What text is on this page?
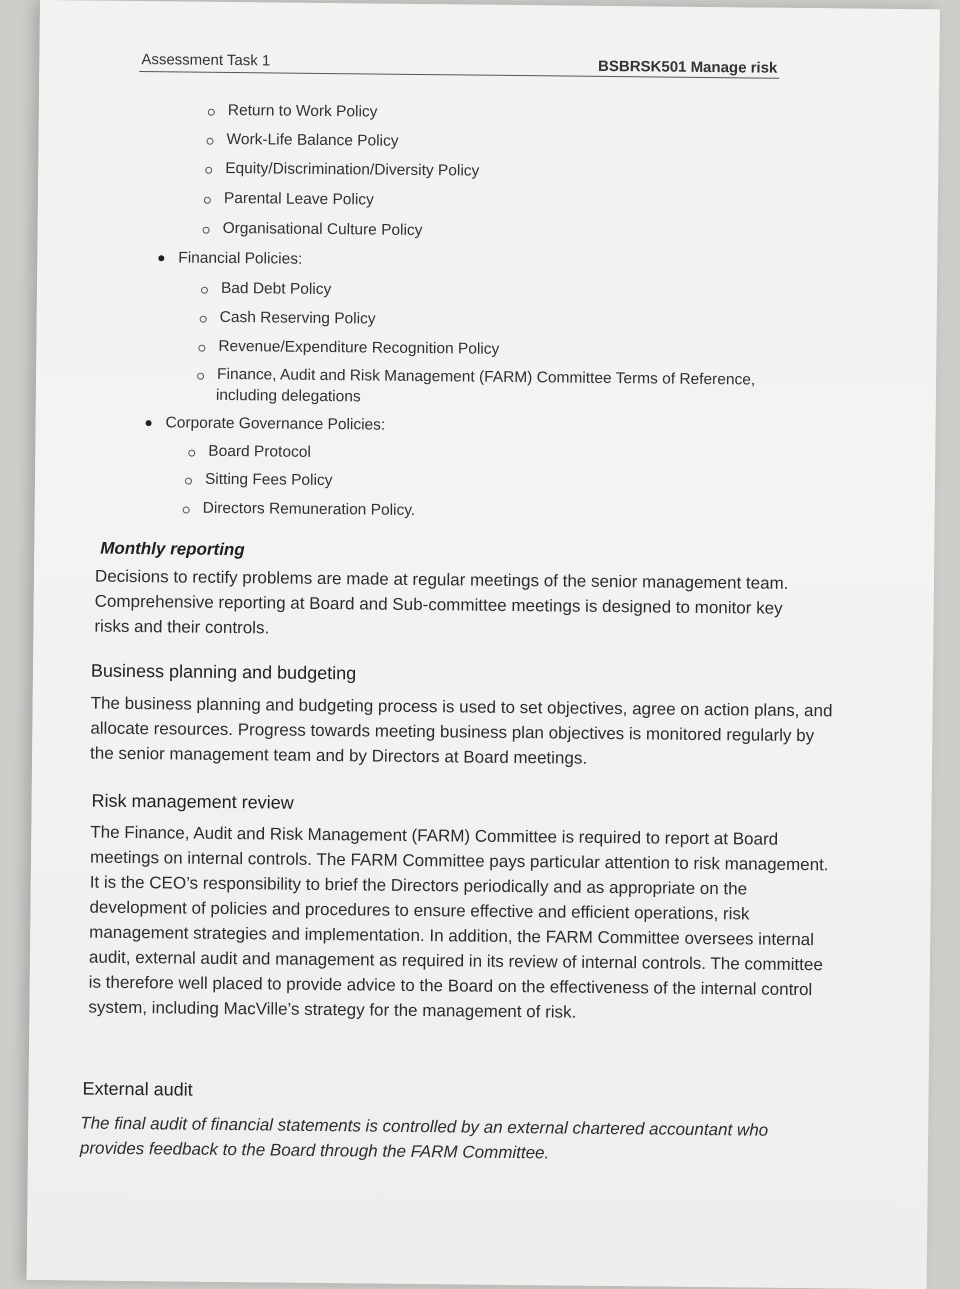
Assessment Task 1	BSBRSK501 Manage risk
Return to Work Policy
Work-Life Balance Policy
Equity/Discrimination/Diversity Policy
Parental Leave Policy
Organisational Culture Policy
Financial Policies:
Bad Debt Policy
Cash Reserving Policy
Revenue/Expenditure Recognition Policy
Finance, Audit and Risk Management (FARM) Committee Terms of Reference,
including delegations
Corporate Governance Policies:
Board Protocol
Sitting Fees Policy
Directors Remuneration Policy.
Monthly reporting
Decisions to rectify problems are made at regular meetings of the senior management team. Comprehensive reporting at Board and Sub-committee meetings is designed to monitor key risks and their controls.
Business planning and budgeting
The business planning and budgeting process is used to set objectives, agree on action plans, and allocate resources. Progress towards meeting business plan objectives is monitored regularly by the senior management team and by Directors at Board meetings.
Risk management review
The Finance, Audit and Risk Management (FARM) Committee is required to report at Board meetings on internal controls. The FARM Committee pays particular attention to risk management. It is the CEO’s responsibility to brief the Directors periodically and as appropriate on the development of policies and procedures to ensure effective and efficient operations, risk management strategies and implementation. In addition, the FARM Committee oversees internal audit, external audit and management as required in its review of internal controls. The committee is therefore well placed to provide advice to the Board on the effectiveness of the internal control system, including MacVille’s strategy for the management of risk.
External audit
The final audit of financial statements is controlled by an external chartered accountant who provides feedback to the Board through the FARM Committee.
